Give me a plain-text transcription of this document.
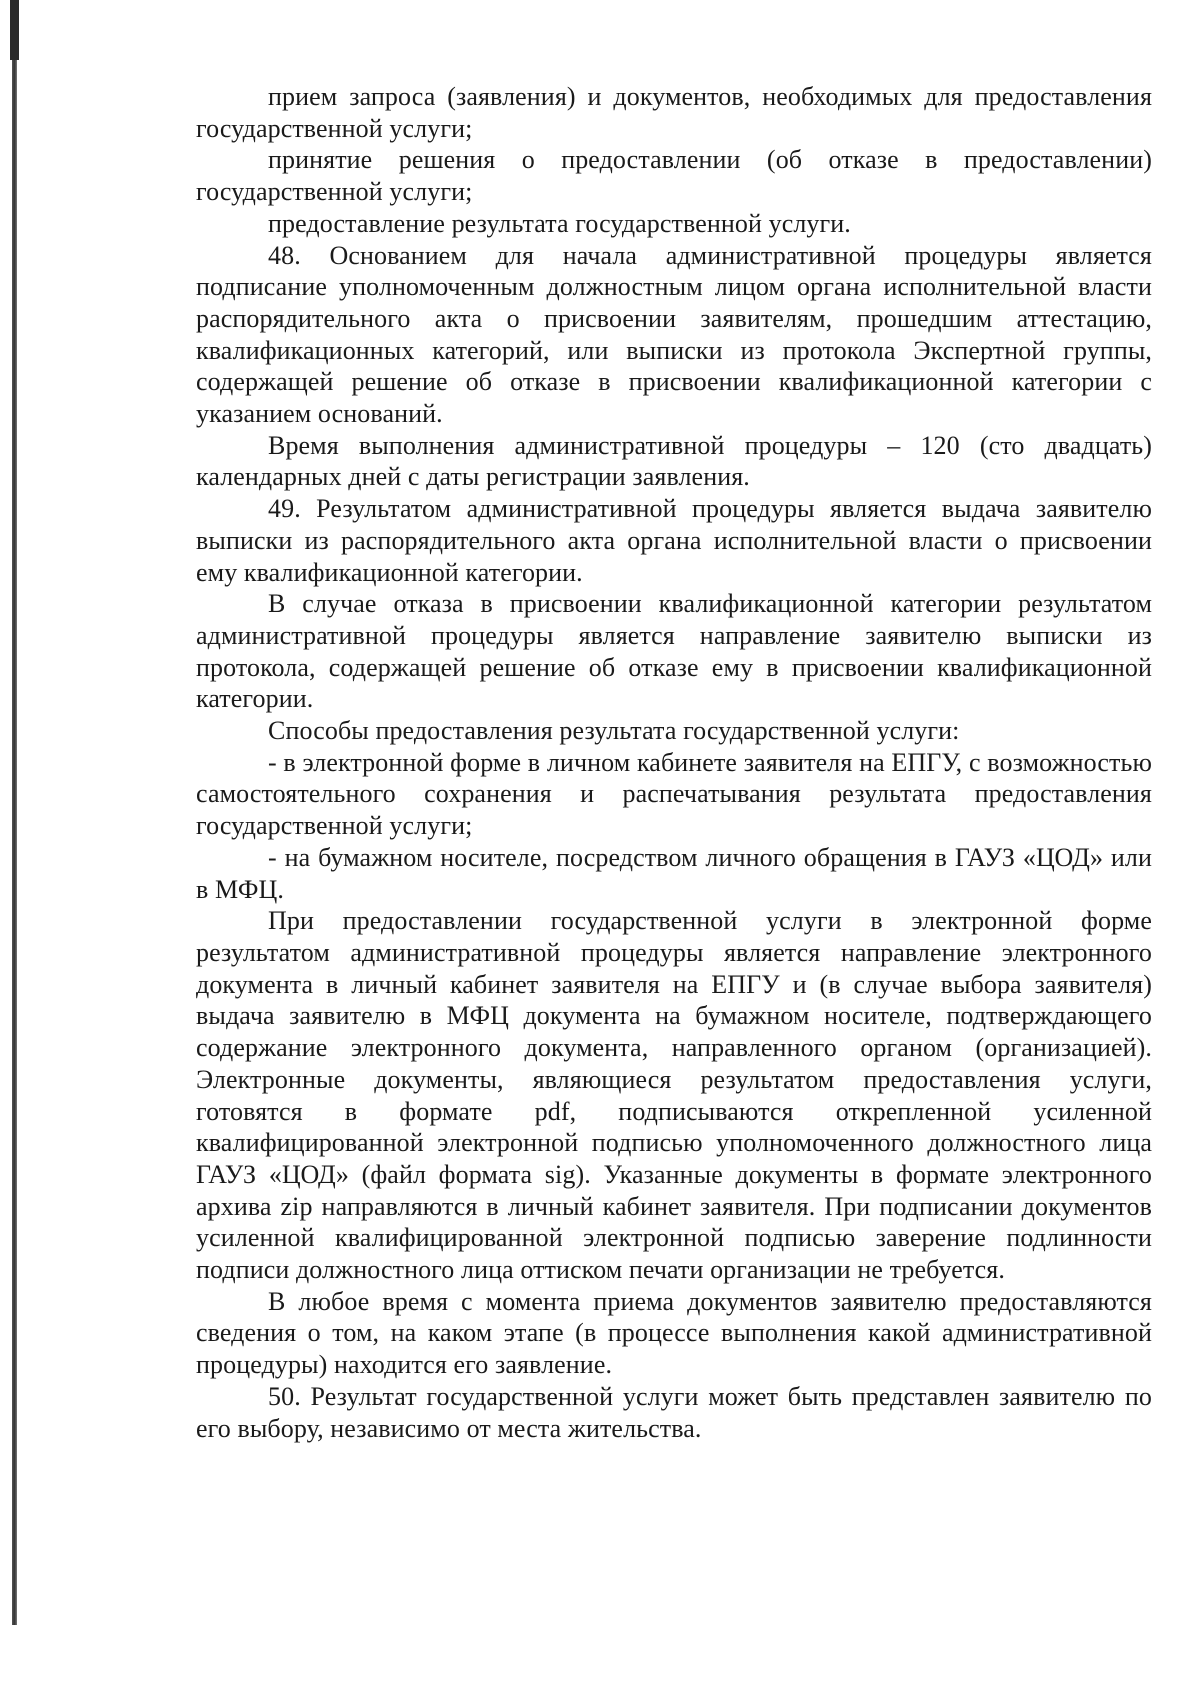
прием запроса (заявления) и документов, необходимых для предоставления государственной услуги;

принятие решения о предоставлении (об отказе в предоставлении) государственной услуги;

предоставление результата государственной услуги.

48. Основанием для начала административной процедуры является подписание уполномоченным должностным лицом органа исполнительной власти распорядительного акта о присвоении заявителям, прошедшим аттестацию, квалификационных категорий, или выписки из протокола Экспертной группы, содержащей решение об отказе в присвоении квалификационной категории с указанием оснований.

Время выполнения административной процедуры – 120 (сто двадцать) календарных дней с даты регистрации заявления.

49. Результатом административной процедуры является выдача заявителю выписки из распорядительного акта органа исполнительной власти о присвоении ему квалификационной категории.

В случае отказа в присвоении квалификационной категории результатом административной процедуры является направление заявителю выписки из протокола, содержащей решение об отказе ему в присвоении квалификационной категории.

Способы предоставления результата государственной услуги:

- в электронной форме в личном кабинете заявителя на ЕПГУ, с возможностью самостоятельного сохранения и распечатывания результата предоставления государственной услуги;

- на бумажном носителе, посредством личного обращения в ГАУЗ «ЦОД» или в МФЦ.

При предоставлении государственной услуги в электронной форме результатом административной процедуры является направление электронного документа в личный кабинет заявителя на ЕПГУ и (в случае выбора заявителя) выдача заявителю в МФЦ документа на бумажном носителе, подтверждающего содержание электронного документа, направленного органом (организацией). Электронные документы, являющиеся результатом предоставления услуги, готовятся в формате pdf, подписываются открепленной усиленной квалифицированной электронной подписью уполномоченного должностного лица ГАУЗ «ЦОД» (файл формата sig). Указанные документы в формате электронного архива zip направляются в личный кабинет заявителя. При подписании документов усиленной квалифицированной электронной подписью заверение подлинности подписи должностного лица оттиском печати организации не требуется.

В любое время с момента приема документов заявителю предоставляются сведения о том, на каком этапе (в процессе выполнения какой административной процедуры) находится его заявление.

50. Результат государственной услуги может быть представлен заявителю по его выбору, независимо от места жительства.
